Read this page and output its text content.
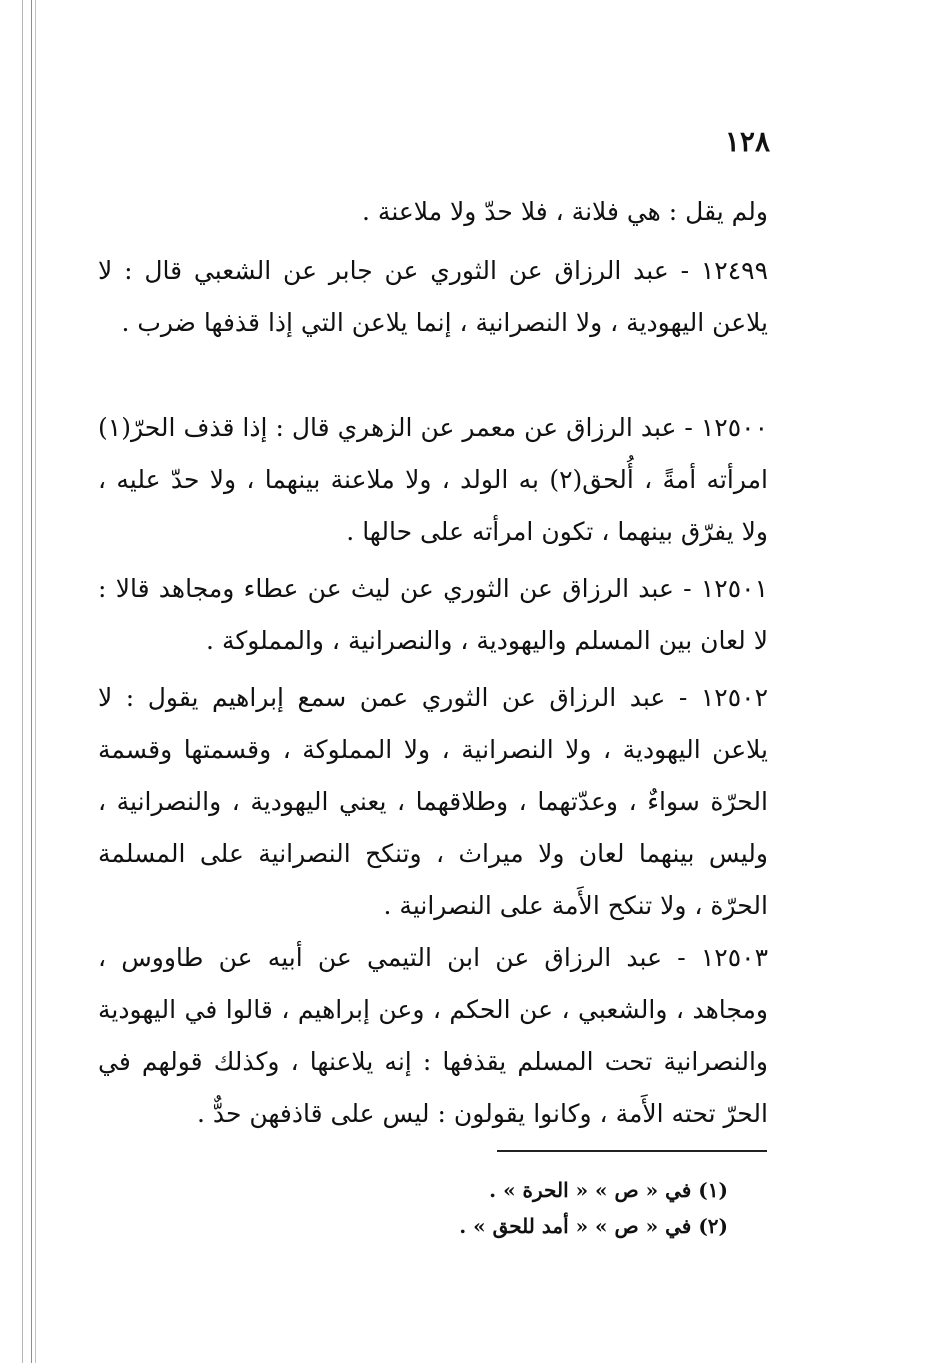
١٢٨

ولم يقل : هي فلانة ، فلا حدّ ولا ملاعنة .

١٢٤٩٩ - عبد الرزاق عن الثوري عن جابر عن الشعبي قال : لا يلاعن اليهودية ، ولا النصرانية ، إنما يلاعن التي إذا قذفها ضرب .

١٢٥٠٠ - عبد الرزاق عن معمر عن الزهري قال : إذا قذف الحرّ(١) امرأته أمةً ، أُلحق(٢) به الولد ، ولا ملاعنة بينهما ، ولا حدّ عليه ، ولا يفرّق بينهما ، تكون امرأته على حالها .

١٢٥٠١ - عبد الرزاق عن الثوري عن ليث عن عطاء ومجاهد قالا : لا لعان بين المسلم واليهودية ، والنصرانية ، والمملوكة .

١٢٥٠٢ - عبد الرزاق عن الثوري عمن سمع إبراهيم يقول : لا يلاعن اليهودية ، ولا النصرانية ، ولا المملوكة ، وقسمتها وقسمة الحرّة سواءٌ ، وعدّتهما ، وطلاقهما ، يعني اليهودية ، والنصرانية ، وليس بينهما لعان ولا ميراث ، وتنكح النصرانية على المسلمة الحرّة ، ولا تنكح الأَمة على النصرانية .

١٢٥٠٣ - عبد الرزاق عن ابن التيمي عن أبيه عن طاووس ، ومجاهد ، والشعبي ، عن الحكم ، وعن إبراهيم ، قالوا في اليهودية والنصرانية تحت المسلم يقذفها : إنه يلاعنها ، وكذلك قولهم في الحرّ تحته الأَمة ، وكانوا يقولون : ليس على قاذفهن حدٌّ .

(١) في « ص » « الحرة » .
(٢) في « ص » « أمد للحق » .
